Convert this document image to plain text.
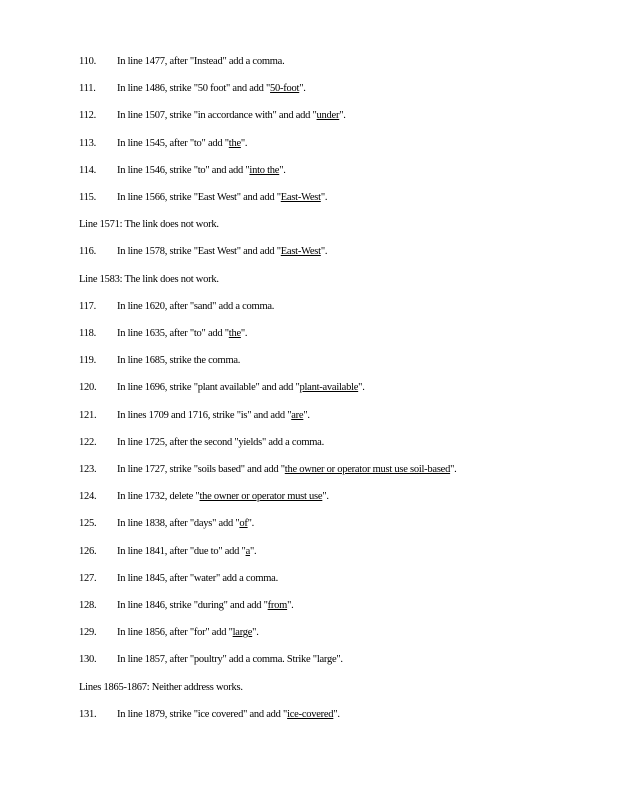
110. In line 1477, after "Instead" add a comma.
111. In line 1486, strike "50 foot" and add "50-foot".
112. In line 1507, strike "in accordance with" and add "under".
113. In line 1545, after "to" add "the".
114. In line 1546, strike "to" and add "into the".
115. In line 1566, strike "East West" and add "East-West".
Line 1571: The link does not work.
116. In line 1578, strike "East West" and add "East-West".
Line 1583: The link does not work.
117. In line 1620, after "sand" add a comma.
118. In line 1635, after "to" add "the".
119. In line 1685, strike the comma.
120. In line 1696, strike "plant available" and add "plant-available".
121. In lines 1709 and 1716, strike "is" and add "are".
122. In line 1725, after the second "yields" add a comma.
123. In line 1727, strike "soils based" and add "the owner or operator must use soil-based".
124. In line 1732, delete "the owner or operator must use".
125. In line 1838, after "days" add "of".
126. In line 1841, after "due to" add "a".
127. In line 1845, after "water" add a comma.
128. In line 1846, strike "during" and add "from".
129. In line 1856, after "for" add "large".
130. In line 1857, after "poultry" add a comma. Strike "large".
Lines 1865-1867: Neither address works.
131. In line 1879, strike "ice covered" and add "ice-covered".
